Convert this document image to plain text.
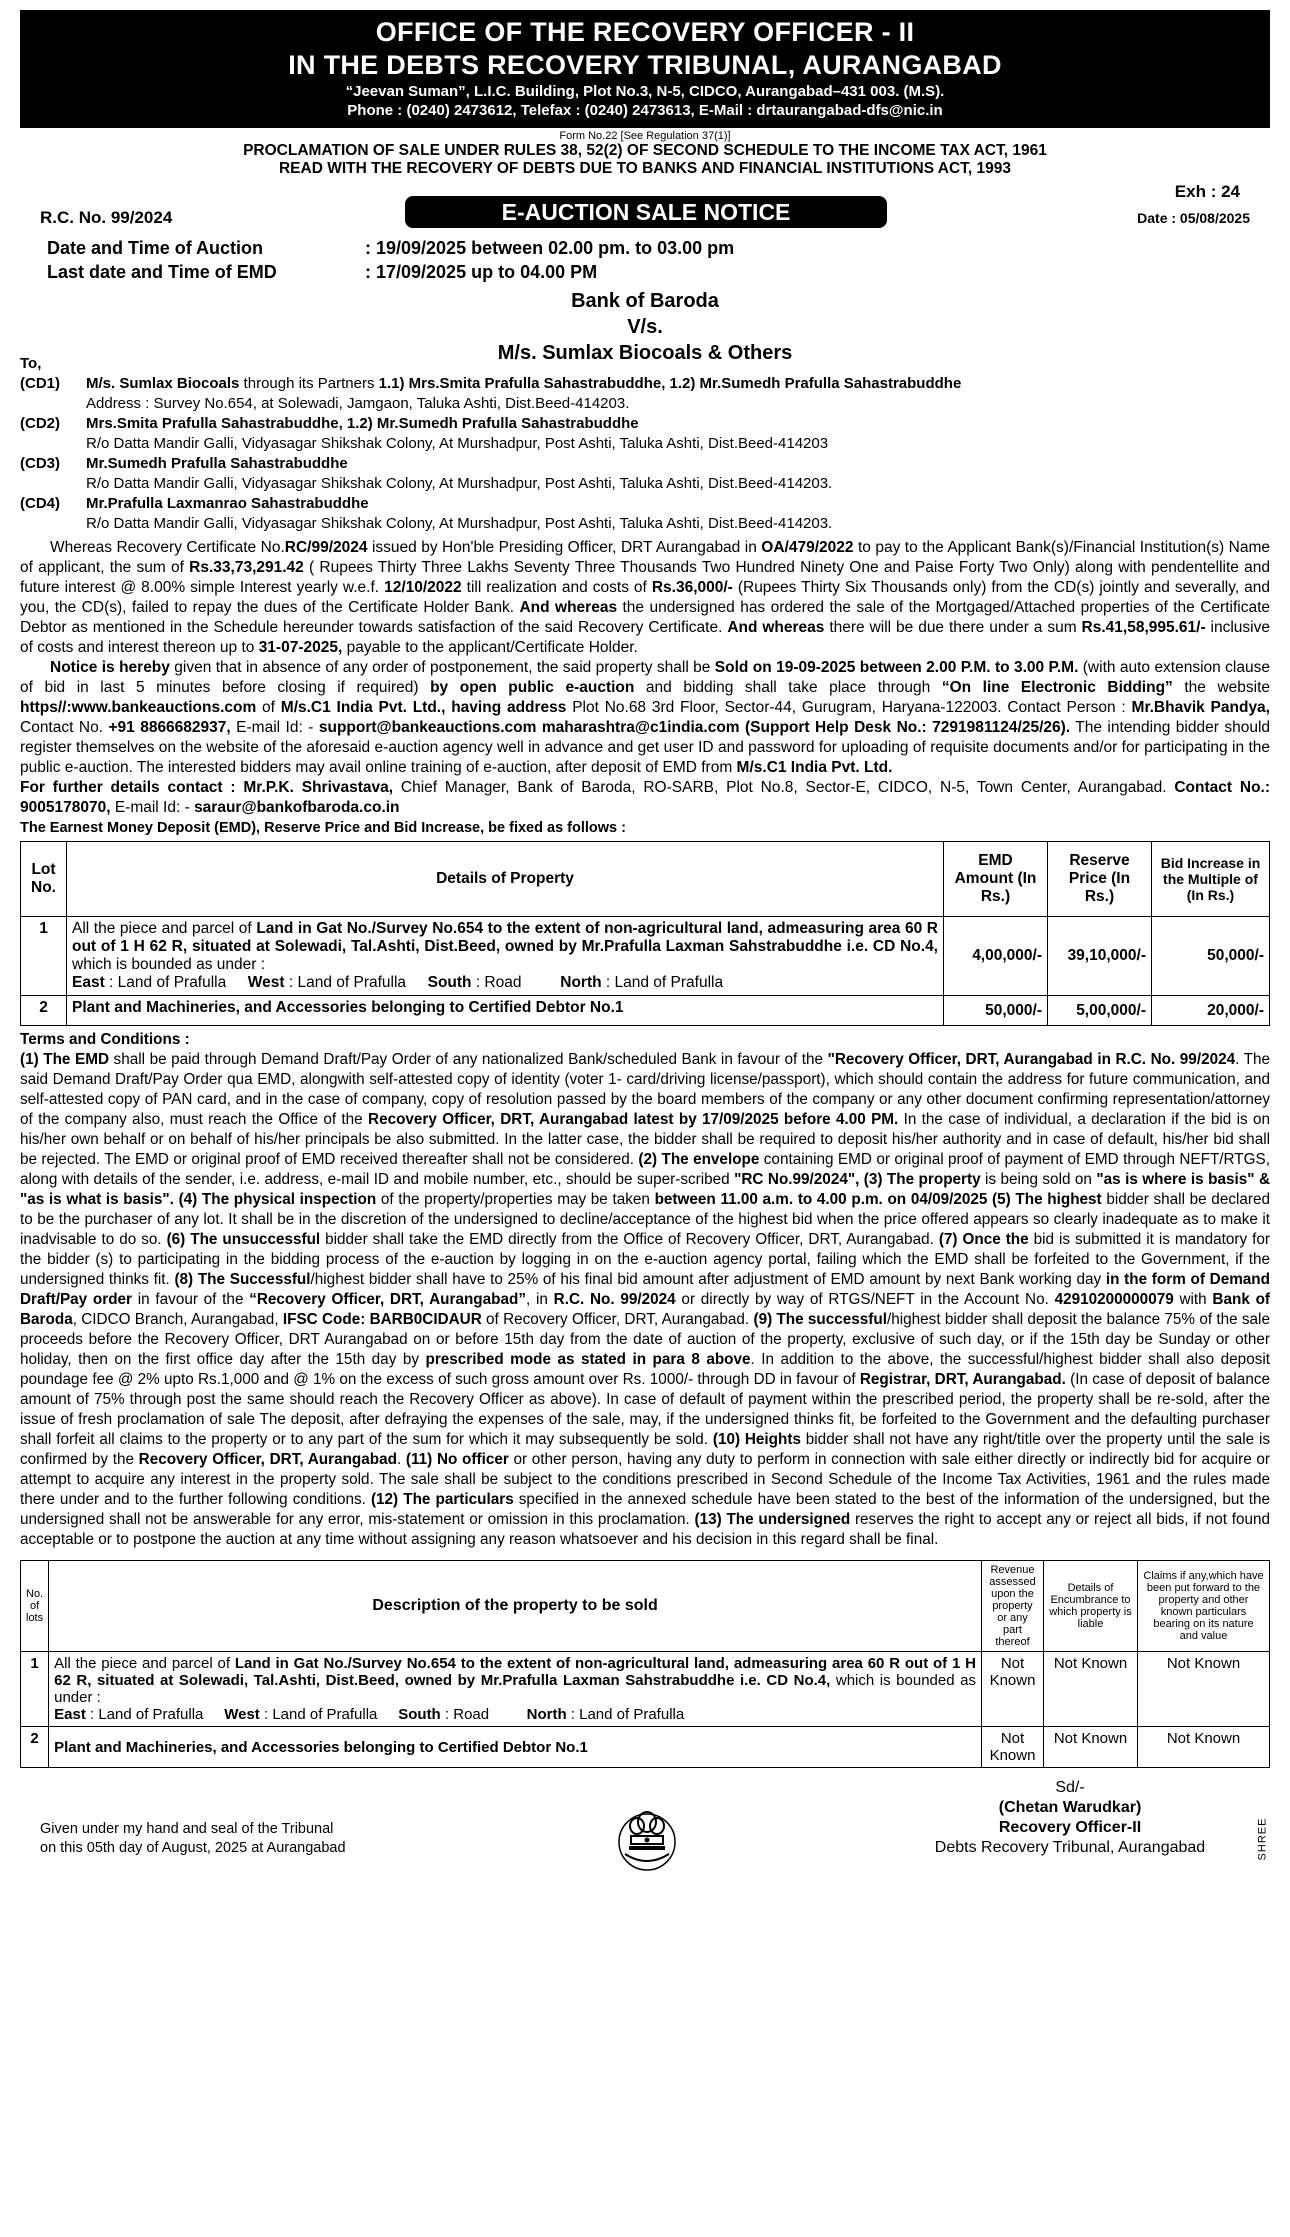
OFFICE OF THE RECOVERY OFFICER - II
IN THE DEBTS RECOVERY TRIBUNAL, AURANGABAD
“Jeevan Suman”, L.I.C. Building, Plot No.3, N-5, CIDCO, Aurangabad–431 003. (M.S).
Phone : (0240) 2473612, Telefax : (0240) 2473613, E-Mail : drtaurangabad-dfs@nic.in
Form No.22 [See Regulation 37(1)]
PROCLAMATION OF SALE UNDER RULES 38, 52(2) OF SECOND SCHEDULE TO THE INCOME TAX ACT, 1961
READ WITH THE RECOVERY OF DEBTS DUE TO BANKS AND FINANCIAL INSTITUTIONS ACT, 1993
Exh : 24
R.C. No. 99/2024	E-AUCTION SALE NOTICE	Date : 05/08/2025
Date and Time of Auction	: 19/09/2025 between 02.00 pm. to 03.00 pm
Last date and Time of EMD	: 17/09/2025 up to 04.00 PM
Bank of Baroda
V/s.
M/s. Sumlax Biocoals & Others
To,
(CD1)	M/s. Sumlax Biocoals through its Partners 1.1) Mrs.Smita Prafulla Sahastrabuddhe, 1.2) Mr.Sumedh Prafulla Sahastrabuddhe
Address : Survey No.654, at Solewadi, Jamgaon, Taluka Ashti, Dist.Beed-414203.
(CD2)	Mrs.Smita Prafulla Sahastrabuddhe, 1.2) Mr.Sumedh Prafulla Sahastrabuddhe
R/o Datta Mandir Galli, Vidyasagar Shikshak Colony, At Murshadpur, Post Ashti, Taluka Ashti, Dist.Beed-414203
(CD3)	Mr.Sumedh Prafulla Sahastrabuddhe
R/o Datta Mandir Galli, Vidyasagar Shikshak Colony, At Murshadpur, Post Ashti, Taluka Ashti, Dist.Beed-414203.
(CD4)	Mr.Prafulla Laxmanrao Sahastrabuddhe
R/o Datta Mandir Galli, Vidyasagar Shikshak Colony, At Murshadpur, Post Ashti, Taluka Ashti, Dist.Beed-414203.

Whereas Recovery Certificate No.RC/99/2024 issued by Hon'ble Presiding Officer, DRT Aurangabad in OA/479/2022 to pay to the Applicant Bank(s)/Financial Institution(s) Name of applicant, the sum of Rs.33,73,291.42 ( Rupees Thirty Three Lakhs Seventy Three Thousands Two Hundred Ninety One and Paise Forty Two Only) along with pendentellite and future interest @ 8.00% simple Interest yearly w.e.f. 12/10/2022 till realization and costs of Rs.36,000/- (Rupees Thirty Six Thousands only) from the CD(s) jointly and severally, and you, the CD(s), failed to repay the dues of the Certificate Holder Bank. And whereas the undersigned has ordered the sale of the Mortgaged/Attached properties of the Certificate Debtor as mentioned in the Schedule hereunder towards satisfaction of the said Recovery Certificate. And whereas there will be due there under a sum Rs.41,58,995.61/- inclusive of costs and interest thereon up to 31-07-2025, payable to the applicant/Certificate Holder.

Notice is hereby given that in absence of any order of postponement, the said property shall be Sold on 19-09-2025 between 2.00 P.M. to 3.00 P.M. (with auto extension clause of bid in last 5 minutes before closing if required) by open public e-auction and bidding shall take place through “On line Electronic Bidding” the website https//:www.bankeauctions.com of M/s.C1 India Pvt. Ltd., having address Plot No.68 3rd Floor, Sector-44, Gurugram, Haryana-122003. Contact Person : Mr.Bhavik Pandya, Contact No. +91 8866682937, E-mail Id: - support@bankeauctions.com maharashtra@c1india.com (Support Help Desk No.: 7291981124/25/26). The intending bidder should register themselves on the website of the aforesaid e-auction agency well in advance and get user ID and password for uploading of requisite documents and/or for participating in the public e-auction. The interested bidders may avail online training of e-auction, after deposit of EMD from M/s.C1 India Pvt. Ltd.

For further details contact : Mr.P.K. Shrivastava, Chief Manager, Bank of Baroda, RO-SARB, Plot No.8, Sector-E, CIDCO, N-5, Town Center, Aurangabad. Contact No.: 9005178070, E-mail Id: - saraur@bankofbaroda.co.in

The Earnest Money Deposit (EMD), Reserve Price and Bid Increase, be fixed as follows :
Lot No.	Details of Property	EMD Amount (In Rs.)	Reserve Price (In Rs.)	Bid Increase in the Multiple of (In Rs.)
1	All the piece and parcel of Land in Gat No./Survey No.654 to the extent of non-agricultural land, admeasuring area 60 R out of 1 H 62 R, situated at Solewadi, Tal.Ashti, Dist.Beed, owned by Mr.Prafulla Laxman Sahstrabuddhe i.e. CD No.4, which is bounded as under :
East : Land of Prafulla West : Land of Prafulla South : Road North : Land of Prafulla	4,00,000/-	39,10,000/-	50,000/-
2	Plant and Machineries, and Accessories belonging to Certified Debtor No.1	50,000/-	5,00,000/-	20,000/-
Terms and Conditions :

(1) The EMD shall be paid through Demand Draft/Pay Order of any nationalized Bank/scheduled Bank in favour of the "Recovery Officer, DRT, Aurangabad in R.C. No. 99/2024. The said Demand Draft/Pay Order qua EMD, alongwith self-attested copy of identity (voter 1- card/driving license/passport), which should contain the address for future communication, and self-attested copy of PAN card, and in the case of company, copy of resolution passed by the board members of the company or any other document confirming representation/attorney of the company also, must reach the Office of the Recovery Officer, DRT, Aurangabad latest by 17/09/2025 before 4.00 PM. In the case of individual, a declaration if the bid is on his/her own behalf or on behalf of his/her principals be also submitted. In the latter case, the bidder shall be required to deposit his/her authority and in case of default, his/her bid shall be rejected. The EMD or original proof of EMD received thereafter shall not be considered. (2) The envelope containing EMD or original proof of payment of EMD through NEFT/RTGS, along with details of the sender, i.e. address, e-mail ID and mobile number, etc., should be super-scribed "RC No.99/2024", (3) The property is being sold on "as is where is basis" & "as is what is basis". (4) The physical inspection of the property/properties may be taken between 11.00 a.m. to 4.00 p.m. on 04/09/2025 (5) The highest bidder shall be declared to be the purchaser of any lot. It shall be in the discretion of the undersigned to decline/acceptance of the highest bid when the price offered appears so clearly inadequate as to make it inadvisable to do so. (6) The unsuccessful bidder shall take the EMD directly from the Office of Recovery Officer, DRT, Aurangabad. (7) Once the bid is submitted it is mandatory for the bidder (s) to participating in the bidding process of the e-auction by logging in on the e-auction agency portal, failing which the EMD shall be forfeited to the Government, if the undersigned thinks fit. (8) The Successful/highest bidder shall have to 25% of his final bid amount after adjustment of EMD amount by next Bank working day in the form of Demand Draft/Pay order in favour of the “Recovery Officer, DRT, Aurangabad”, in R.C. No. 99/2024 or directly by way of RTGS/NEFT in the Account No. 42910200000079 with Bank of Baroda, CIDCO Branch, Aurangabad, IFSC Code: BARB0CIDAUR of Recovery Officer, DRT, Aurangabad. (9) The successful/highest bidder shall deposit the balance 75% of the sale proceeds before the Recovery Officer, DRT Aurangabad on or before 15th day from the date of auction of the property, exclusive of such day, or if the 15th day be Sunday or other holiday, then on the first office day after the 15th day by prescribed mode as stated in para 8 above. In addition to the above, the successful/highest bidder shall also deposit poundage fee @ 2% upto Rs.1,000 and @ 1% on the excess of such gross amount over Rs. 1000/- through DD in favour of Registrar, DRT, Aurangabad. (In case of deposit of balance amount of 75% through post the same should reach the Recovery Officer as above). In case of default of payment within the prescribed period, the property shall be re-sold, after the issue of fresh proclamation of sale The deposit, after defraying the expenses of the sale, may, if the undersigned thinks fit, be forfeited to the Government and the defaulting purchaser shall forfeit all claims to the property or to any part of the sum for which it may subsequently be sold. (10) Heights bidder shall not have any right/title over the property until the sale is confirmed by the Recovery Officer, DRT, Aurangabad. (11) No officer or other person, having any duty to perform in connection with sale either directly or indirectly bid for acquire or attempt to acquire any interest in the property sold. The sale shall be subject to the conditions prescribed in Second Schedule of the Income Tax Activities, 1961 and the rules made there under and to the further following conditions. (12) The particulars specified in the annexed schedule have been stated to the best of the information of the undersigned, but the undersigned shall not be answerable for any error, mis-statement or omission in this proclamation. (13) The undersigned reserves the right to accept any or reject all bids, if not found acceptable or to postpone the auction at any time without assigning any reason whatsoever and his decision in this regard shall be final.

No. of lots	Description of the property to be sold	Revenue assessed upon the property or any part thereof	Details of Encumbrance to which property is liable	Claims if any,which have been put forward to the property and other known particulars bearing on its nature and value
1	All the piece and parcel of Land in Gat No./Survey No.654 to the extent of non-agricultural land, admeasuring area 60 R out of 1 H 62 R, situated at Solewadi, Tal.Ashti, Dist.Beed, owned by Mr.Prafulla Laxman Sahstrabuddhe i.e. CD No.4, which is bounded as under :
East : Land of Prafulla West : Land of Prafulla South : Road North : Land of Prafulla	Not Known	Not Known	Not Known
2	Plant and Machineries, and Accessories belonging to Certified Debtor No.1	Not Known	Not Known	Not Known
Given under my hand and seal of the Tribunal
on this 05th day of August, 2025 at Aurangabad
Sd/-
(Chetan Warudkar)
Recovery Officer-II
Debts Recovery Tribunal, Aurangabad	SHREE
